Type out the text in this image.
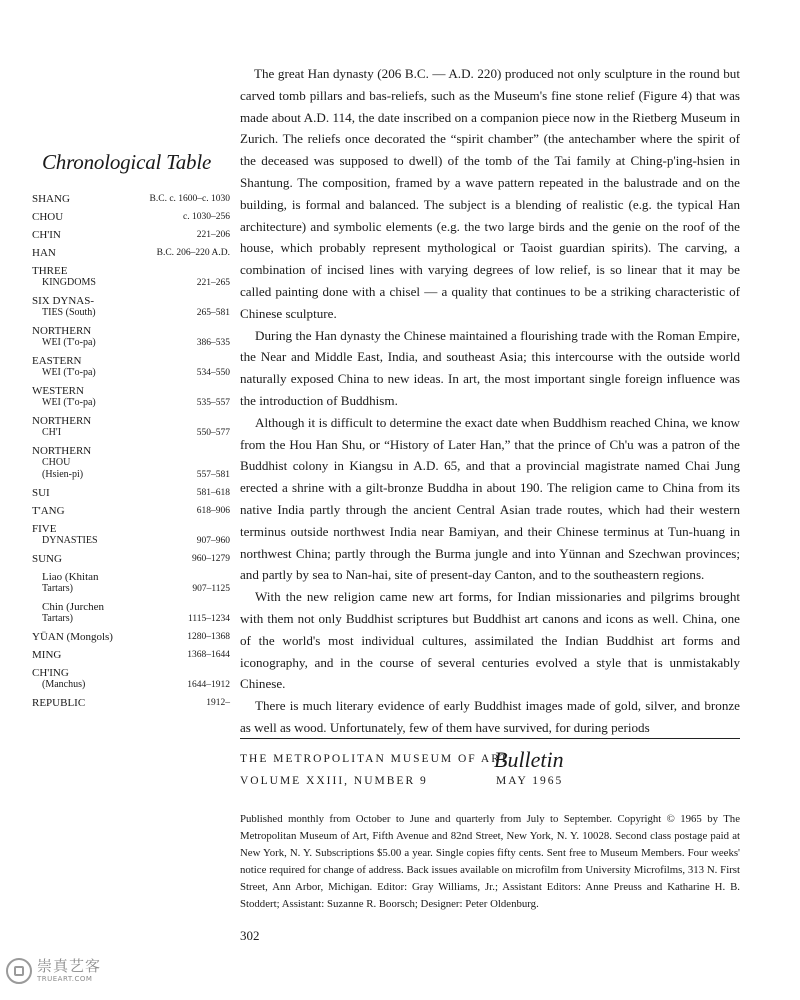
Chronological Table
SHANG	B.C. c. 1600–c. 1030
CHOU	c. 1030–256
CH'IN	221–206
HAN	B.C. 206–220 A.D.
THREE
KINGDOMS	221–265
SIX DYNAS-
TIES (South)	265–581
NORTHERN
WEI (T'o-pa)	386–535
EASTERN
WEI (T'o-pa)	534–550
WESTERN
WEI (T'o-pa)	535–557
NORTHERN
CH'I	550–577
NORTHERN
CHOU
(Hsien-pi)	557–581
SUI	581–618
T'ANG	618–906
FIVE
DYNASTIES	907–960
SUNG	960–1279
Liao (Khitan
Tartars)	907–1125
Chin (Jurchen
Tartars)	1115–1234
YÜAN (Mongols)	1280–1368
MING	1368–1644
CH'ING
(Manchus)	1644–1912
REPUBLIC	1912–

The great Han dynasty (206 B.C. — A.D. 220) produced not only sculpture in the round but carved tomb pillars and bas-reliefs, such as the Museum's fine stone relief (Figure 4) that was made about A.D. 114, the date inscribed on a companion piece now in the Rietberg Museum in Zurich. The reliefs once decorated the “spirit chamber” (the antechamber where the spirit of the deceased was supposed to dwell) of the tomb of the Tai family at Ching-p'ing-hsien in Shantung. The composition, framed by a wave pattern repeated in the balustrade and on the building, is formal and balanced. The subject is a blending of realistic (e.g. the typical Han architecture) and symbolic elements (e.g. the two large birds and the genie on the roof of the house, which probably represent mythological or Taoist guardian spirits). The carving, a combination of incised lines with varying degrees of low relief, is so linear that it may be called painting done with a chisel — a quality that continues to be a striking characteristic of Chinese sculpture.

During the Han dynasty the Chinese maintained a flourishing trade with the Roman Empire, the Near and Middle East, India, and southeast Asia; this intercourse with the outside world naturally exposed China to new ideas. In art, the most important single foreign influence was the introduction of Buddhism.

Although it is difficult to determine the exact date when Buddhism reached China, we know from the Hou Han Shu, or “History of Later Han,” that the prince of Ch'u was a patron of the Buddhist colony in Kiangsu in A.D. 65, and that a provincial magistrate named Chai Jung erected a shrine with a gilt-bronze Buddha in about 190. The religion came to China from its native India partly through the ancient Central Asian trade routes, which had their western terminus outside northwest India near Bamiyan, and their Chinese terminus at Tun-huang in northwest China; partly through the Burma jungle and into Yünnan and Szechwan provinces; and partly by sea to Nan-hai, site of present-day Canton, and to the southeastern regions.

With the new religion came new art forms, for Indian missionaries and pilgrims brought with them not only Buddhist scriptures but Buddhist art canons and icons as well. China, one of the world's most individual cultures, assimilated the Indian Buddhist art forms and iconography, and in the course of several centuries evolved a style that is unmistakably Chinese.

There is much literary evidence of early Buddhist images made of gold, silver, and bronze as well as wood. Unfortunately, few of them have survived, for during periods

THE METROPOLITAN MUSEUM OF ART
Bulletin
VOLUME XXIII, NUMBER 9	MAY 1965

Published monthly from October to June and quarterly from July to September. Copyright © 1965 by The Metropolitan Museum of Art, Fifth Avenue and 82nd Street, New York, N. Y. 10028. Second class postage paid at New York, N. Y. Subscriptions $5.00 a year. Single copies fifty cents. Sent free to Museum Members. Four weeks' notice required for change of address. Back issues available on microfilm from University Microfilms, 313 N. First Street, Ann Arbor, Michigan. Editor: Gray Williams, Jr.; Assistant Editors: Anne Preuss and Katharine H. B. Stoddert; Assistant: Suzanne R. Boorsch; Designer: Peter Oldenburg.

302
崇真艺客
TRUEART.COM
